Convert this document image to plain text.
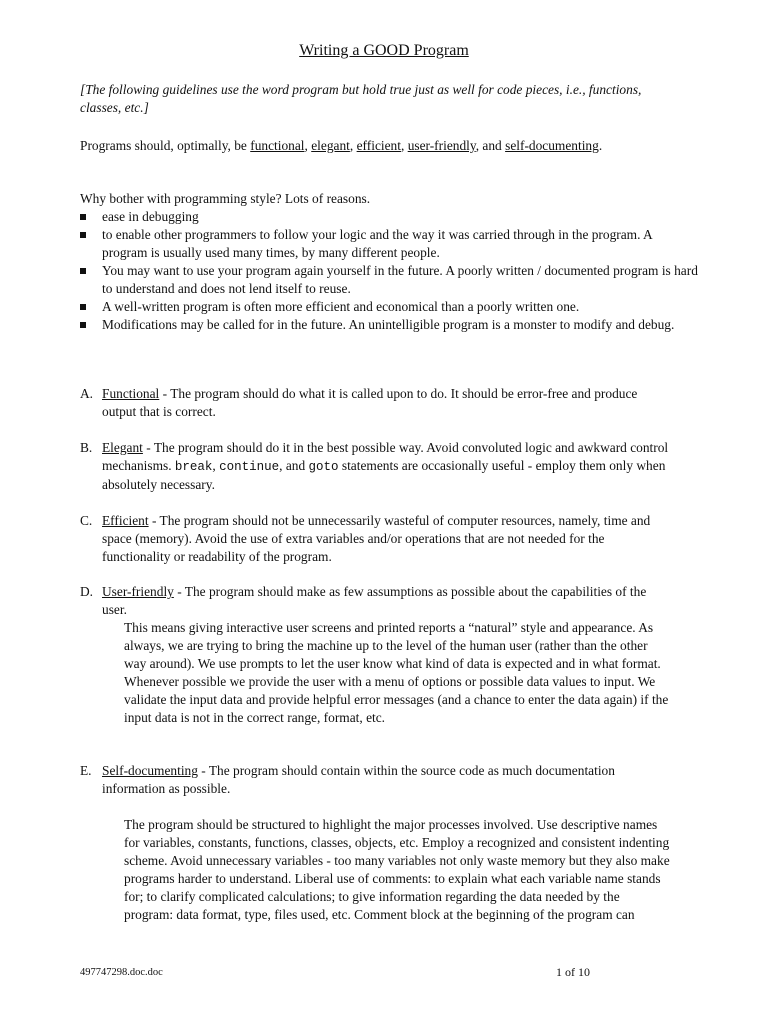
Writing a GOOD Program
[The following guidelines use the word program but hold true just as well for code pieces, i.e., functions, classes, etc.]
Programs should, optimally, be functional, elegant, efficient, user-friendly, and self-documenting.
Why bother with programming style? Lots of reasons.
ease in debugging
to enable other programmers to follow your logic and the way it was carried through in the program. A program is usually used many times, by many different people.
You may want to use your program again yourself in the future. A poorly written / documented program is hard to understand and does not lend itself to reuse.
A well-written program is often more efficient and economical than a poorly written one.
Modifications may be called for in the future. An unintelligible program is a monster to modify and debug.
A. Functional - The program should do what it is called upon to do. It should be error-free and produce output that is correct.
B. Elegant - The program should do it in the best possible way. Avoid convoluted logic and awkward control mechanisms. break, continue, and goto statements are occasionally useful - employ them only when absolutely necessary.
C. Efficient - The program should not be unnecessarily wasteful of computer resources, namely, time and space (memory). Avoid the use of extra variables and/or operations that are not needed for the functionality or readability of the program.
D. User-friendly - The program should make as few assumptions as possible about the capabilities of the user.
This means giving interactive user screens and printed reports a “natural” style and appearance. As always, we are trying to bring the machine up to the level of the human user (rather than the other way around). We use prompts to let the user know what kind of data is expected and in what format. Whenever possible we provide the user with a menu of options or possible data values to input. We validate the input data and provide helpful error messages (and a chance to enter the data again) if the input data is not in the correct range, format, etc.
E. Self-documenting - The program should contain within the source code as much documentation information as possible.
The program should be structured to highlight the major processes involved. Use descriptive names for variables, constants, functions, classes, objects, etc. Employ a recognized and consistent indenting scheme. Avoid unnecessary variables - too many variables not only waste memory but they also make programs harder to understand. Liberal use of comments: to explain what each variable name stands for; to clarify complicated calculations; to give information regarding the data needed by the program: data format, type, files used, etc. Comment block at the beginning of the program can
497747298.doc.doc	1 of 10
